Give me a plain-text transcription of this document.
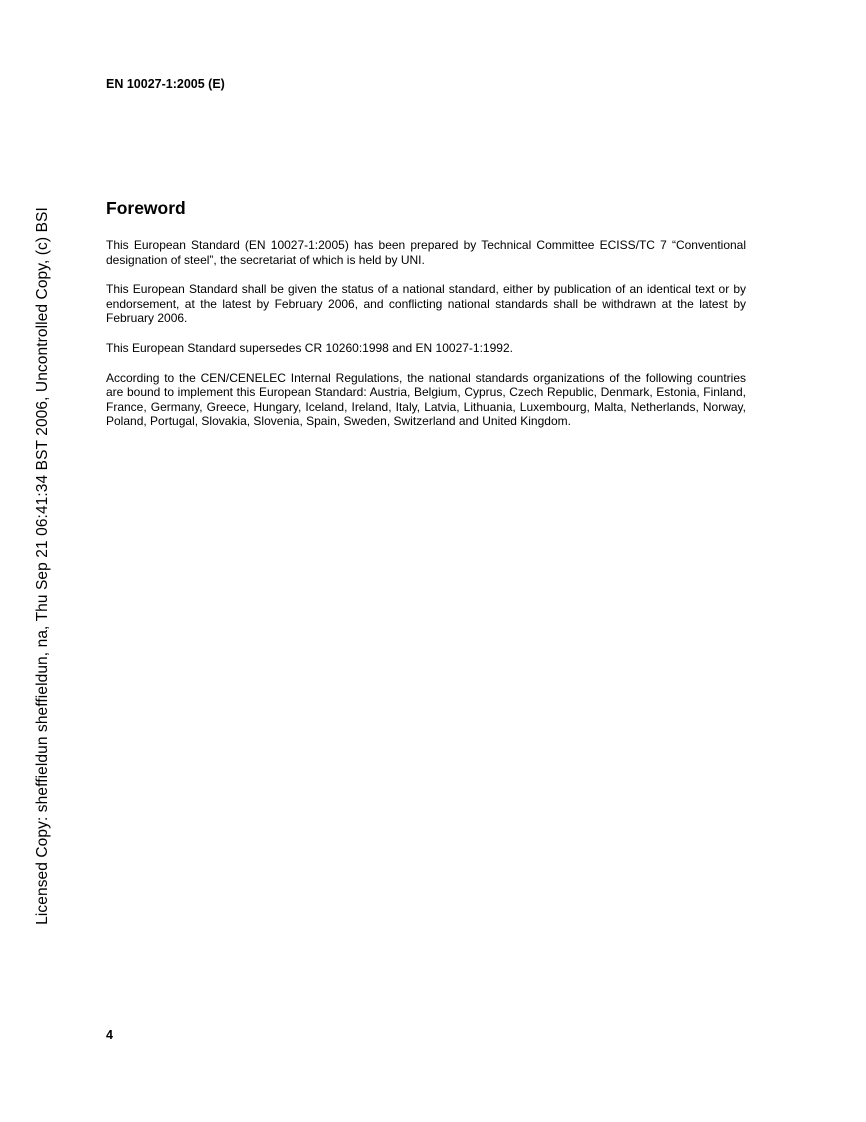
EN 10027-1:2005 (E)
Foreword

This European Standard (EN 10027-1:2005) has been prepared by Technical Committee ECISS/TC 7 “Conventional designation of steel”, the secretariat of which is held by UNI.

This European Standard shall be given the status of a national standard, either by publication of an identical text or by endorsement, at the latest by February 2006, and conflicting national standards shall be withdrawn at the latest by February 2006.

This European Standard supersedes CR 10260:1998 and EN 10027-1:1992.

According to the CEN/CENELEC Internal Regulations, the national standards organizations of the following countries are bound to implement this European Standard: Austria, Belgium, Cyprus, Czech Republic, Denmark, Estonia, Finland, France, Germany, Greece, Hungary, Iceland, Ireland, Italy, Latvia, Lithuania, Luxembourg, Malta, Netherlands, Norway, Poland, Portugal, Slovakia, Slovenia, Spain, Sweden, Switzerland and United Kingdom.

Licensed Copy: sheffieldun sheffieldun, na, Thu Sep 21 06:41:34 BST 2006, Uncontrolled Copy, (c) BSI
4
